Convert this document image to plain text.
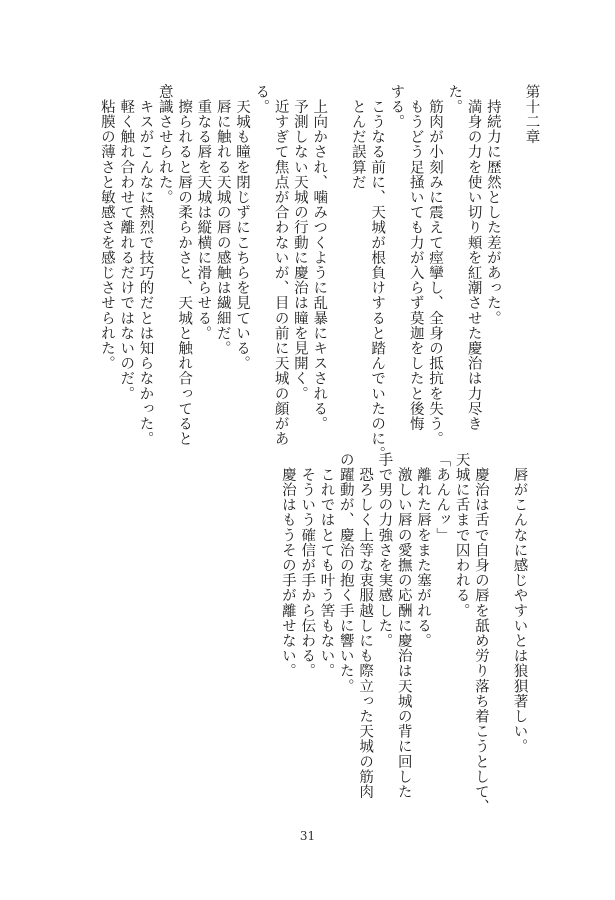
第十二章
　持続力に歴然とした差があった。
　満身の力を使い切り頬を紅潮させた慶治は力尽き
た。
　筋肉が小刻みに震えて痙攣し、全身の抵抗を失う。
　もうどう足掻いても力が入らず莫迦をしたと後悔
する。
　こうなる前に、天城が根負けすると踏んでいたのに。
　とんだ誤算だ
　上向かされ、噛みつくように乱暴にキスされる。
　予測しない天城の行動に慶治は瞳を見開く。
　近すぎて焦点が合わないが、目の前に天城の顔があ
る。
　天城も瞳を閉じずにこちらを見ている。
　唇に触れる天城の唇の感触は繊細だ。
　重なる唇を天城は縦横に滑らせる。
　擦られると唇の柔らかさと、天城と触れ合ってると
意識させられた。
　キスがこんなに熱烈で技巧的だとは知らなかった。
　軽く触れ合わせて離れるだけではないのだ。
　粘膜の薄さと敏感さを感じさせられた。
　唇がこんなに感じやすいとは狼狽著しい。
　慶治は舌で自身の唇を舐め労り落ち着こうとして、
天城に舌まで囚われる。
「あんんッ」
　離れた唇をまた塞がれる。
　激しい唇の愛撫の応酬に慶治は天城の背に回した
手で男の力強さを実感した。
　恐ろしく上等な衷服越しにも際立った天城の筋肉
の躍動が、慶治の抱く手に響いた。
　これではとても叶う筈もない。
　そういう確信が手から伝わる。
　慶治はもうその手が離せない。
31
